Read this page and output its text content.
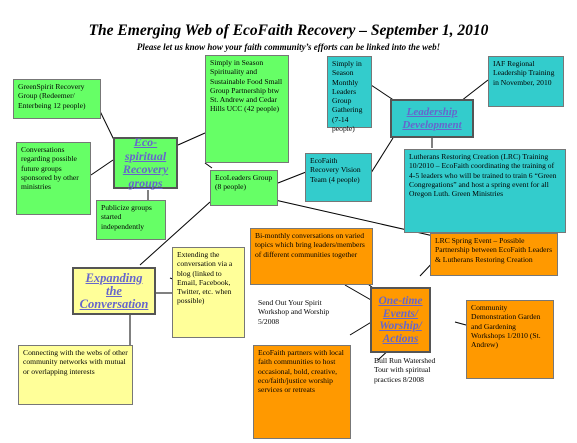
The Emerging Web of EcoFaith Recovery – September 1, 2010
Please let us know how your faith community’s efforts can be linked into the web!
Eco-spiritual Recovery groups
Leadership Development
Expanding the Conversation	One-time Events/ Worship/ Actions
GreenSpirit Recovery Group (Redeemer/ Enterbeing 12 people)
Conversations regarding possible future groups sponsored by other ministries
Publicize groups started independently
Simply in Season Spirituality and Sustainable Food Small Group Partnership btw St. Andrew and Cedar Hills UCC (42 people)
EcoLeaders Group (8 people)
Simply in Season Monthly Leaders Group Gathering (7-14 people)
IAF Regional Leadership Training in November, 2010
EcoFaith Recovery Vision Team (4 people)
Lutherans Restoring Creation (LRC) Training 10/2010 – EcoFaith coordinating the training of 4-5 leaders who will be trained to train 6 “Green Congregations” and host a spring event for all Oregon Luth. Green Ministries
LRC Spring Event – Possible Partnership between EcoFaith Leaders & Lutherans Restoring Creation
Bi-monthly conversations on varied topics which bring leaders/members of different communities together
EcoFaith partners with local faith communities to host occasional, bold, creative, eco/faith/justice worship services or retreats
Community Demonstration Garden and Gardening Workshops 1/2010 (St. Andrew)
Extending the conversation via a blog (linked to Email, Facebook, Twitter, etc. when possible)
Connecting with the webs of other community networks with mutual or overlapping interests
Send Out Your Spirit Workshop and Worship 5/2008
Bull Run Watershed Tour with spiritual practices 8/2008
